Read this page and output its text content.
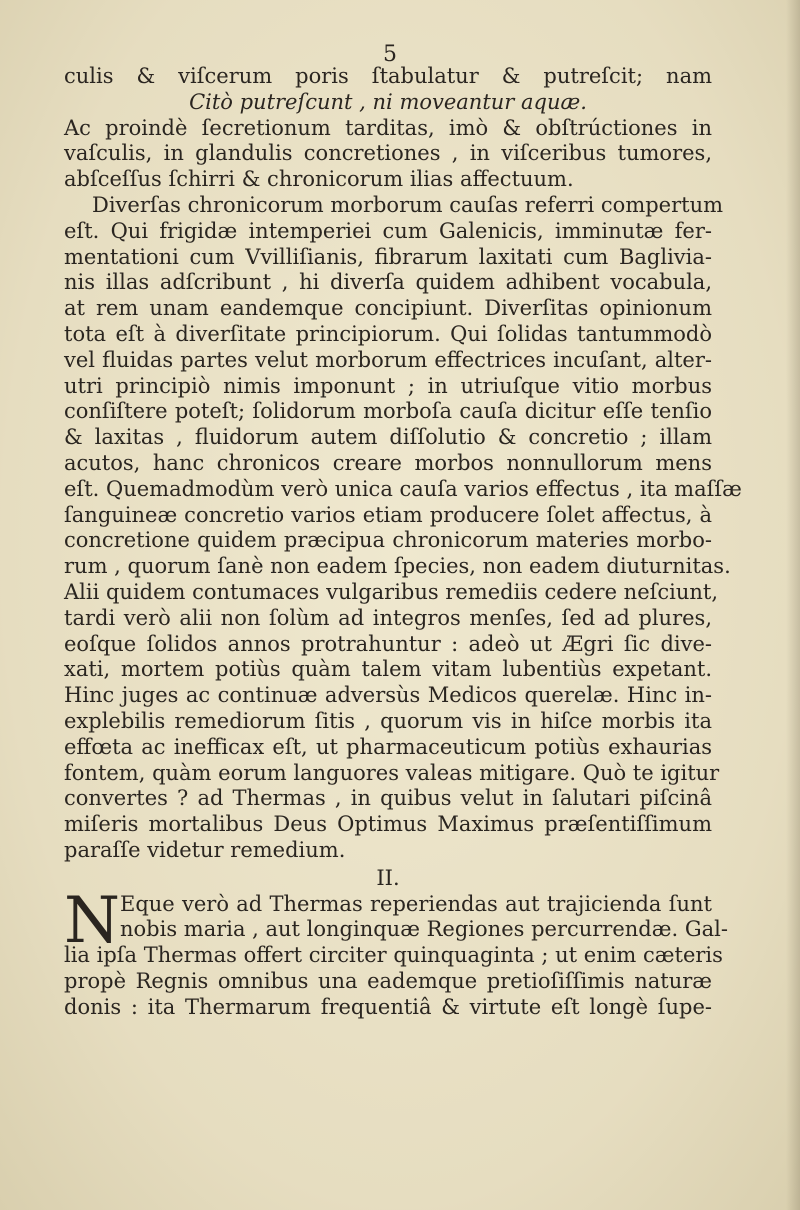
5
culis & viſcerum poris ſtabulatur & putreſcit; nam
Citò putreſcunt , ni moveantur aquæ.
Ac proindè ſecretionum tarditas, imò & obſtrúctiones in
vaſculis, in glandulis concretiones , in viſceribus tumores,
abſceſſus ſchirri & chronicorum ilias affectuum.
Diverſas chronicorum morborum cauſas referri compertum
eſt. Qui frigidæ intemperiei cum Galenicis, imminutæ fer-
mentationi cum Vvilliſianis, fibrarum laxitati cum Baglivia-
nis illas adſcribunt , hi diverſa quidem adhibent vocabula,
at rem unam eandemque concipiunt. Diverſitas opinionum
tota eſt à diverſitate principiorum. Qui ſolidas tantummodò
vel fluidas partes velut morborum effectrices incuſant, alter-
utri principiò nimis imponunt ; in utriuſque vitio morbus
conſiſtere poteſt; ſolidorum morboſa cauſa dicitur eſſe tenſio
& laxitas , fluidorum autem diſſolutio & concretio ; illam
acutos, hanc chronicos creare morbos nonnullorum mens
eſt. Quemadmodùm verò unica cauſa varios effectus , ita maſſæ
ſanguineæ concretio varios etiam producere ſolet affectus, à
concretione quidem præcipua chronicorum materies morbo-
rum , quorum ſanè non eadem ſpecies, non eadem diuturnitas.
Alii quidem contumaces vulgaribus remediis cedere neſciunt,
tardi verò alii non ſolùm ad integros menſes, ſed ad plures,
eoſque ſolidos annos protrahuntur : adeò ut Ægri ſic dive-
xati, mortem potiùs quàm talem vitam lubentiùs expetant.
Hinc juges ac continuæ adversùs Medicos querelæ. Hinc in-
explebilis remediorum ſitis , quorum vis in hiſce morbis ita
effœta ac inefficax eſt, ut pharmaceuticum potiùs exhaurias
fontem, quàm eorum languores valeas mitigare. Quò te igitur
convertes ? ad Thermas , in quibus velut in ſalutari piſcinâ
miſeris mortalibus Deus Optimus Maximus præſentiſſimum
paraſſe videtur remedium.
II.
N Eque verò ad Thermas reperiendas aut trajicienda ſunt
nobis maria , aut longinquæ Regiones percurrendæ. Gal-
lia ipſa Thermas offert circiter quinquaginta ; ut enim cæteris
propè Regnis omnibus una eademque pretioſiſſimis naturæ
donis : ita Thermarum frequentiâ & virtute eſt longè ſupe-
